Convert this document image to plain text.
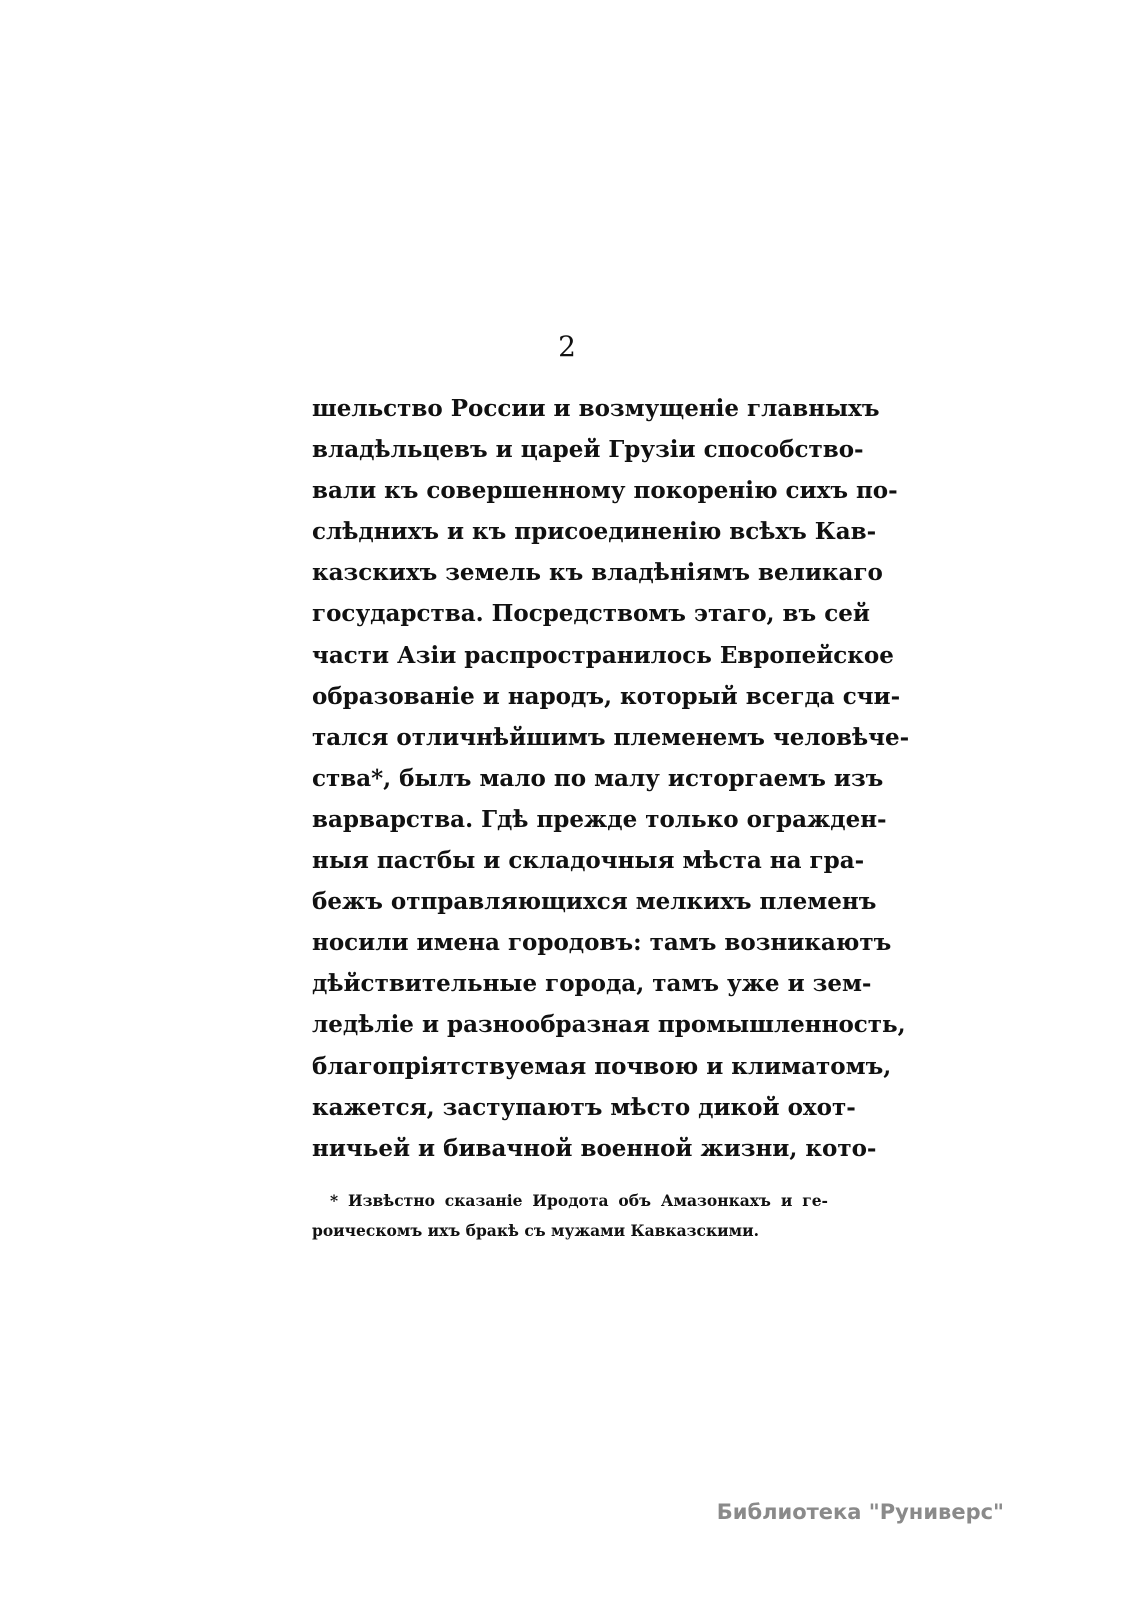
2
шельство России и возмущеніе главныхъ
владѣльцевъ и царей Грузіи способство-
вали къ совершенному покоренію сихъ по-
слѣднихъ и къ присоединенію всѣхъ Кав-
казскихъ земель къ владѣніямъ великаго
государства. Посредствомъ этаго, въ сей
части Азіи распространилось Европейское
образованіе и народъ, который всегда счи-
тался отличнѣйшимъ племенемъ человѣче-
ства*, былъ мало по малу исторгаемъ изъ
варварства. Гдѣ прежде только огражден-
ныя пастбы и складочныя мѣста на гра-
бежъ отправляющихся мелкихъ племенъ
носили имена городовъ: тамъ возникаютъ
дѣйствительные города, тамъ уже и зем-
ледѣліе и разнообразная промышленность,
благопріятствуемая почвою и климатомъ,
кажется, заступаютъ мѣсто дикой охот-
ничьей и бивачной военной жизни, кото-
* Извѣстно сказаніе Иродота объ Амазонкахъ и ге-
роическомъ ихъ бракѣ съ мужами Кавказскими.
Библиотека "Руниверс"
